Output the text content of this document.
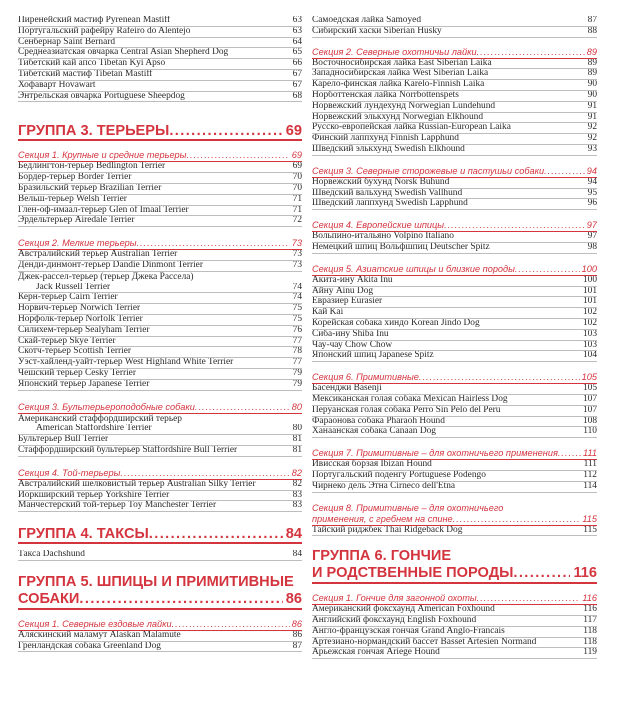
Пиренейский мастиф Pyrenean Mastiff	63
Португальский рафейру Rafeiro do Alentejo	63
Сенбернар Saint Bernard	64
Среднеазиатская овчарка Central Asian Shepherd Dog	65
Тибетский кай апсо Tibetan Kyi Apso	66
Тибетский мастиф Tibetan Mastiff	67
Хофаварт Hovawart	67
Энтрельская овчарка Portuguese Sheepdog	68
ГРУППА 3. ТЕРЬЕРЫ .....	69
Секция 1. Крупные и средние терьеры .....	69
Бедлингтон-терьер Bedlington Terrier	69
Бордер-терьер Border Terrier	70
Бразильский терьер Brazilian Terrier	70
Вельш-терьер Welsh Terrier	71
Глен-оф-имаал-терьер Glen of Imaal Terrier	71
Эрдельтерьер Airedale Terrier	72
Секция 2. Мелкие терьеры .....	73
Австралийский терьер Australian Terrier	73
Денди-динмонт-терьер Dandie Dinmont Terrier	73
Джек-рассел-терьер (терьер Джека Рассела)
Jack Russell Terrier	74
Керн-терьер Cairn Terrier	74
Норвич-терьер Norwich Terrier	75
Норфолк-терьер Norfolk Terrier	75
Силихем-терьер Sealyham Terrier	76
Скай-терьер Skye Terrier	77
Скотч-терьер Scottish Terrier	78
Уэст-хайленд-уайт-терьер West Highland White Terrier	77
Чешский терьер Cesky Terrier	79
Японский терьер Japanese Terrier	79
Секция 3. Бультерьероподобные собаки .....	80
Американский стаффордширский терьер
American Staffordshire Terrier	80
Бультерьер Bull Terrier	81
Стаффордширский бультерьер Staffordshire Bull Terrier	81
Секция 4. Той-терьеры .....	82
Австралийский шелковистый терьер Australian Silky Terrier	82
Йоркширский терьер Yorkshire Terrier	83
Манчестерский той-терьер Toy Manchester Terrier	83
ГРУППА 4. ТАКСЫ .....	84
Такса Dachshund	84
ГРУППА 5. ШПИЦЫ И ПРИМИТИВНЫЕ
СОБАКИ .....	86
Секция 1. Северные ездовые лайки .....	86
Аляскинский маламут Alaskan Malamute	86
Гренландская собака Greenland Dog	87
Самоедская лайка Samoyed	87
Сибирский хаски Siberian Husky	88
Секция 2. Северные охотничьи лайки .....	89
Восточносибирская лайка East Siberian Laika	89
Западносибирская лайка West Siberian Laika	89
Карело-финская лайка Karelo-Finnish Laika	90
Норботтенская лайка Norrbottenspets	90
Норвежский лундехунд Norwegian Lundehund	91
Норвежский элькхунд Norwegian Elkhound	91
Русско-европейская лайка Russian-European Laika	92
Финский лаппхунд Finnish Lapphund	92
Шведский элькхунд Swedish Elkhound	93
Секция 3. Северные сторожевые и пастушьи собаки .....	94
Норвежский бухунд Norsk Buhund	94
Шведский вальхунд Swedish Vallhund	95
Шведский лаппхунд Swedish Lapphund	96
Секция 4. Европейские шпицы .....	97
Вольпино-итальяно Volpino Italiano	97
Немецкий шпиц Вольфшпиц Deutscher Spitz	98
Секция 5. Азиатские шпицы и близкие породы .....	100
Акита-ину Akita Inu	100
Айну Ainu Dog	101
Евразиер Eurasier	101
Кай Kai	102
Корейская собака хиндо Korean Jindo Dog	102
Сиба-ину Shiba Inu	103
Чау-чау Chow Chow	103
Японский шпиц Japanese Spitz	104
Секция 6. Примитивные .....	105
Басенджи Basenji	105
Мексиканская голая собака Mexican Hairless Dog	107
Перуанская голая собака Perro Sin Pelo del Peru	107
Фараонова собака Pharaoh Hound	108
Ханаанская собака Canaan Dog	110
Секция 7. Примитивные – для охотничьего применения .....	111
Ивисская борзая Ibizan Hound	111
Португальский поденгу Portuguese Podengo	112
Чирнеко дель Этна Cirneco dell'Etna	114
Секция 8. Примитивные – для охотничьего
применения, с гребнем на спине .....	115
Тайский риджбек Thai Ridgeback Dog	115
ГРУППА 6. ГОНЧИЕ
И РОДСТВЕННЫЕ ПОРОДЫ .....	116
Секция 1. Гончие для загонной охоты .....	116
Американский фоксхаунд American Foxhound	116
Английский фоксхаунд English Foxhound	117
Англо-французская гончая Grand Anglo-Francais	118
Артезиано-нормандский бассет Basset Artesien Normand	118
Арьежская гончая Ariege Hound	119
